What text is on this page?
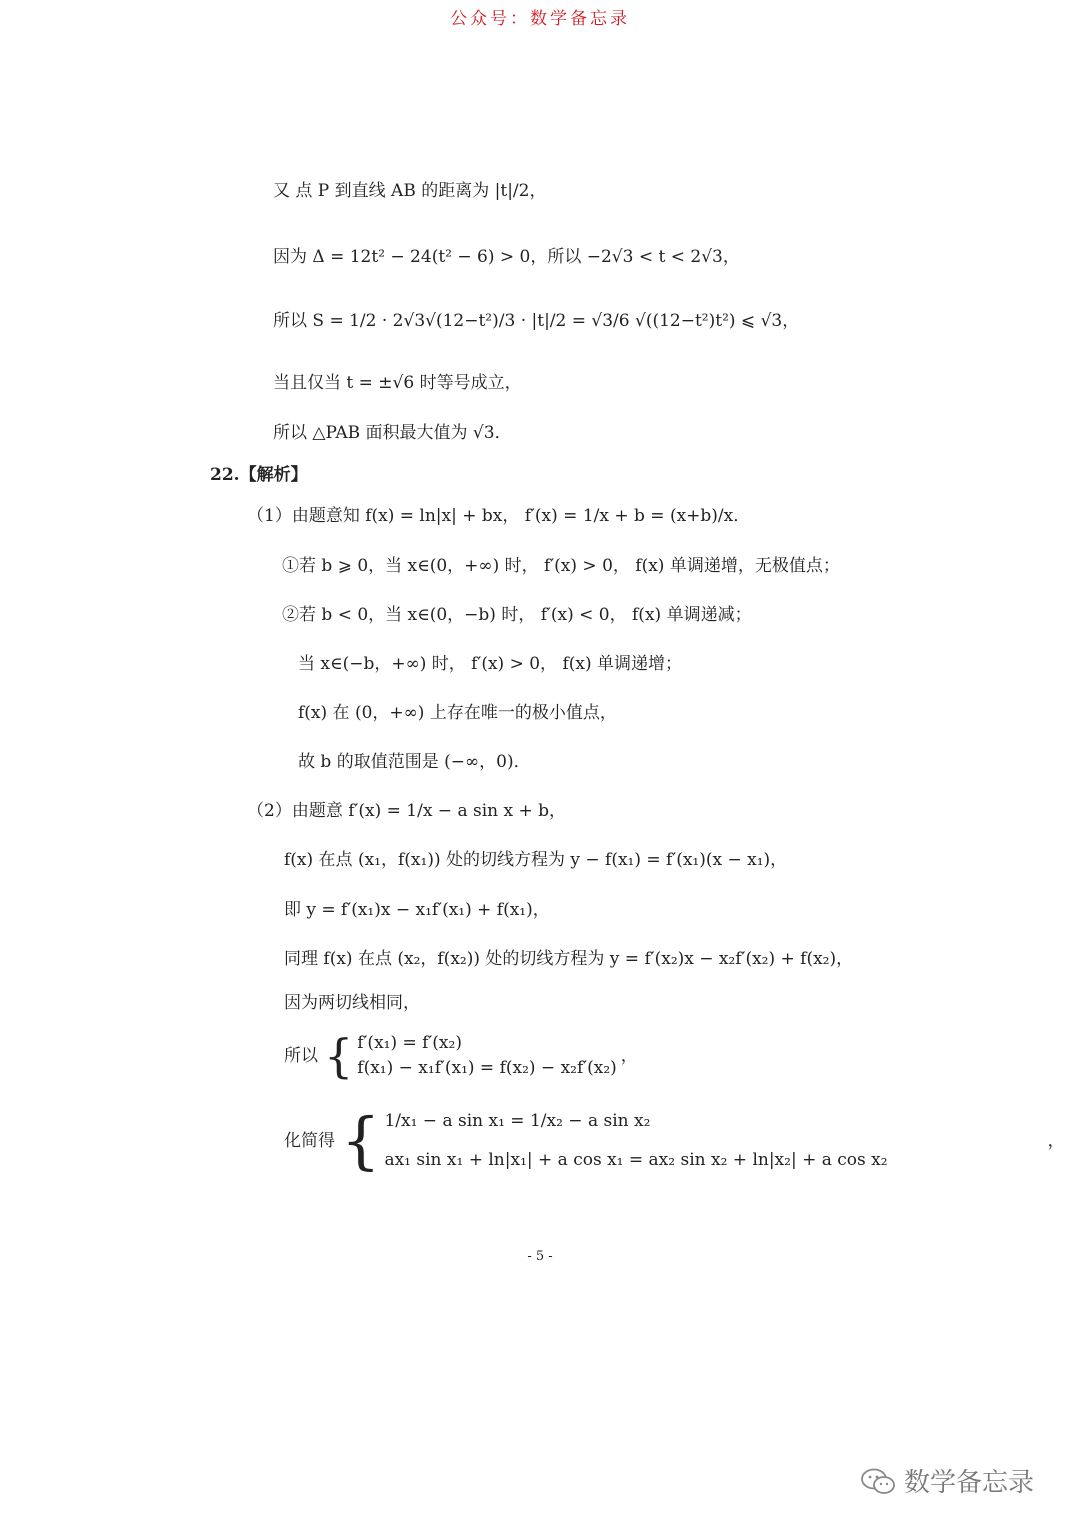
公众号：数学备忘录
又 点 P 到直线 AB 的距离为 |t|/2，
因为 Δ = 12t² − 24(t² − 6) > 0，所以 −2√3 < t < 2√3，
所以 S = 1/2 · 2√3√(12−t²)/3 · |t|/2 = √3/6 √((12−t²)t²) ⩽ √3，
当且仅当 t = ±√6 时等号成立，
所以 △PAB 面积最大值为 √3．
22.【解析】
（1）由题意知 f(x) = ln|x| + bx， f′(x) = 1/x + b = (x+b)/x．
①若 b ⩾ 0，当 x∈(0，+∞) 时， f′(x) > 0， f(x) 单调递增，无极值点；
②若 b < 0，当 x∈(0，−b) 时， f′(x) < 0， f(x) 单调递减；
当 x∈(−b，+∞) 时， f′(x) > 0， f(x) 单调递增；
f(x) 在 (0，+∞) 上存在唯一的极小值点，
故 b 的取值范围是 (−∞，0)．
（2）由题意 f′(x) = 1/x − a sin x + b，
f(x) 在点 (x₁，f(x₁)) 处的切线方程为 y − f(x₁) = f′(x₁)(x − x₁)，
即 y = f′(x₁)x − x₁f′(x₁) + f(x₁)，
同理 f(x) 在点 (x₂，f(x₂)) 处的切线方程为 y = f′(x₂)x − x₂f′(x₂) + f(x₂)，
因为两切线相同，
所以 { f′(x₁) = f′(x₂)
f(x₁) − x₁f′(x₁) = f(x₂) − x₂f′(x₂)
，
化简得 { 1/x₁ − a sin x₁ = 1/x₂ − a sin x₂
ax₁ sin x₁ + ln|x₁| + a cos x₁ = ax₂ sin x₂ + ln|x₂| + a cos x₂
，
- 5 -
数学备忘录
